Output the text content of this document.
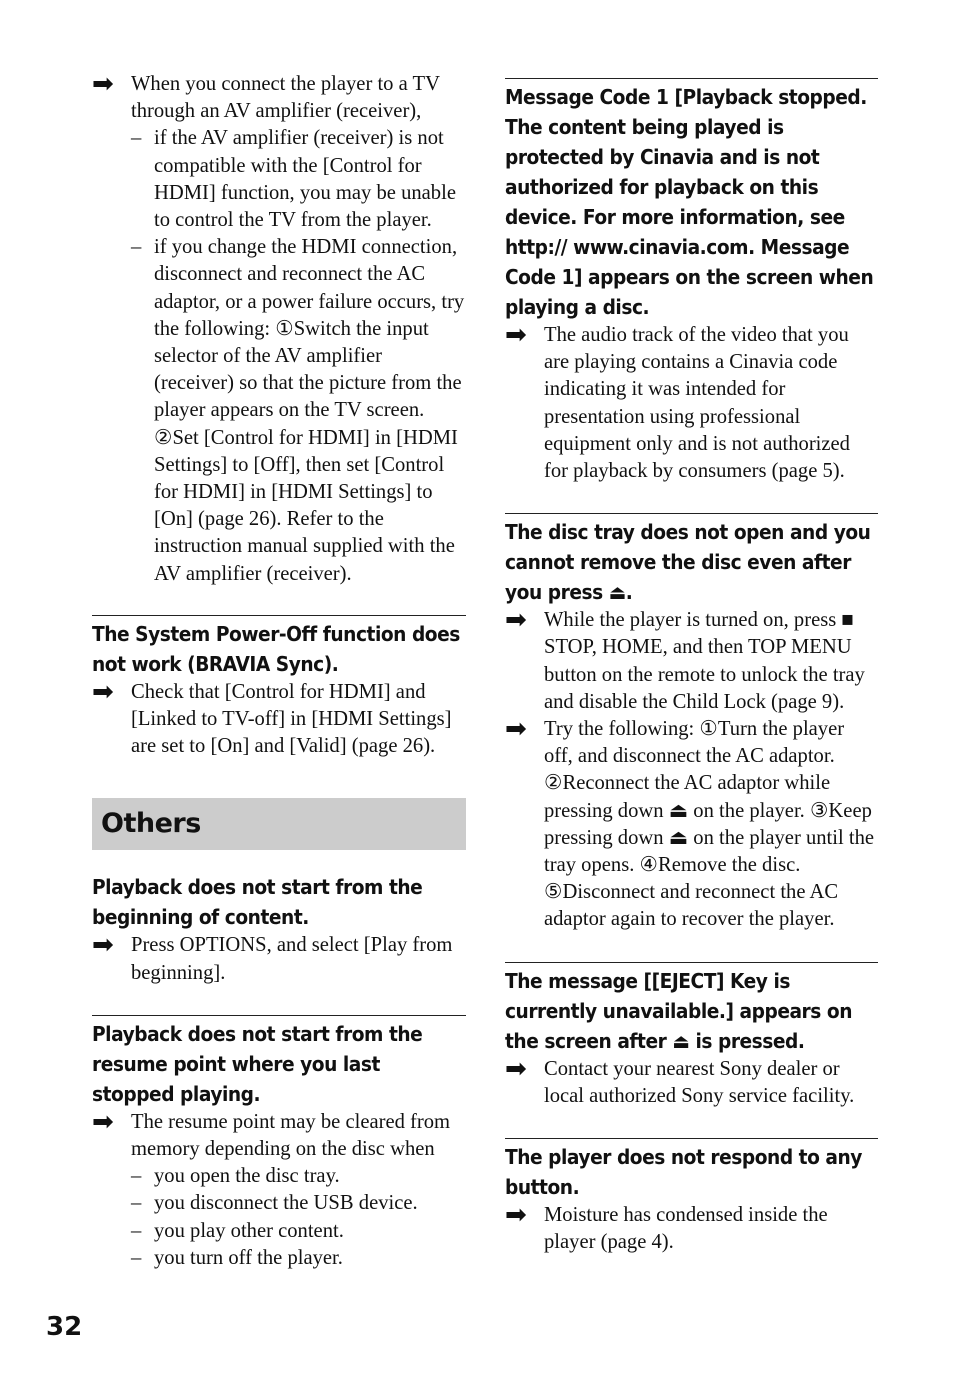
➡ When you connect the player to a TV through an AV amplifier (receiver),
– if the AV amplifier (receiver) is not compatible with the [Control for HDMI] function, you may be unable to control the TV from the player.
– if you change the HDMI connection, disconnect and reconnect the AC adaptor, or a power failure occurs, try the following: ①Switch the input selector of the AV amplifier (receiver) so that the picture from the player appears on the TV screen. ②Set [Control for HDMI] in [HDMI Settings] to [Off], then set [Control for HDMI] in [HDMI Settings] to [On] (page 26). Refer to the instruction manual supplied with the AV amplifier (receiver).
The System Power-Off function does not work (BRAVIA Sync).
➡ Check that [Control for HDMI] and [Linked to TV-off] in [HDMI Settings] are set to [On] and [Valid] (page 26).
Others
Playback does not start from the beginning of content.
➡ Press OPTIONS, and select [Play from beginning].
Playback does not start from the resume point where you last stopped playing.
➡ The resume point may be cleared from memory depending on the disc when
– you open the disc tray.
– you disconnect the USB device.
– you play other content.
– you turn off the player.
Message Code 1 [Playback stopped. The content being played is protected by Cinavia and is not authorized for playback on this device. For more information, see http:// www.cinavia.com. Message Code 1] appears on the screen when playing a disc.
➡ The audio track of the video that you are playing contains a Cinavia code indicating it was intended for presentation using professional equipment only and is not authorized for playback by consumers (page 5).
The disc tray does not open and you cannot remove the disc even after you press ⏏.
➡ While the player is turned on, press ■ STOP, HOME, and then TOP MENU button on the remote to unlock the tray and disable the Child Lock (page 9).
➡ Try the following: ①Turn the player off, and disconnect the AC adaptor. ②Reconnect the AC adaptor while pressing down ⏏ on the player. ③Keep pressing down ⏏ on the player until the tray opens. ④Remove the disc. ⑤Disconnect and reconnect the AC adaptor again to recover the player.
The message [[EJECT] Key is currently unavailable.] appears on the screen after ⏏ is pressed.
➡ Contact your nearest Sony dealer or local authorized Sony service facility.
The player does not respond to any button.
➡ Moisture has condensed inside the player (page 4).
32
